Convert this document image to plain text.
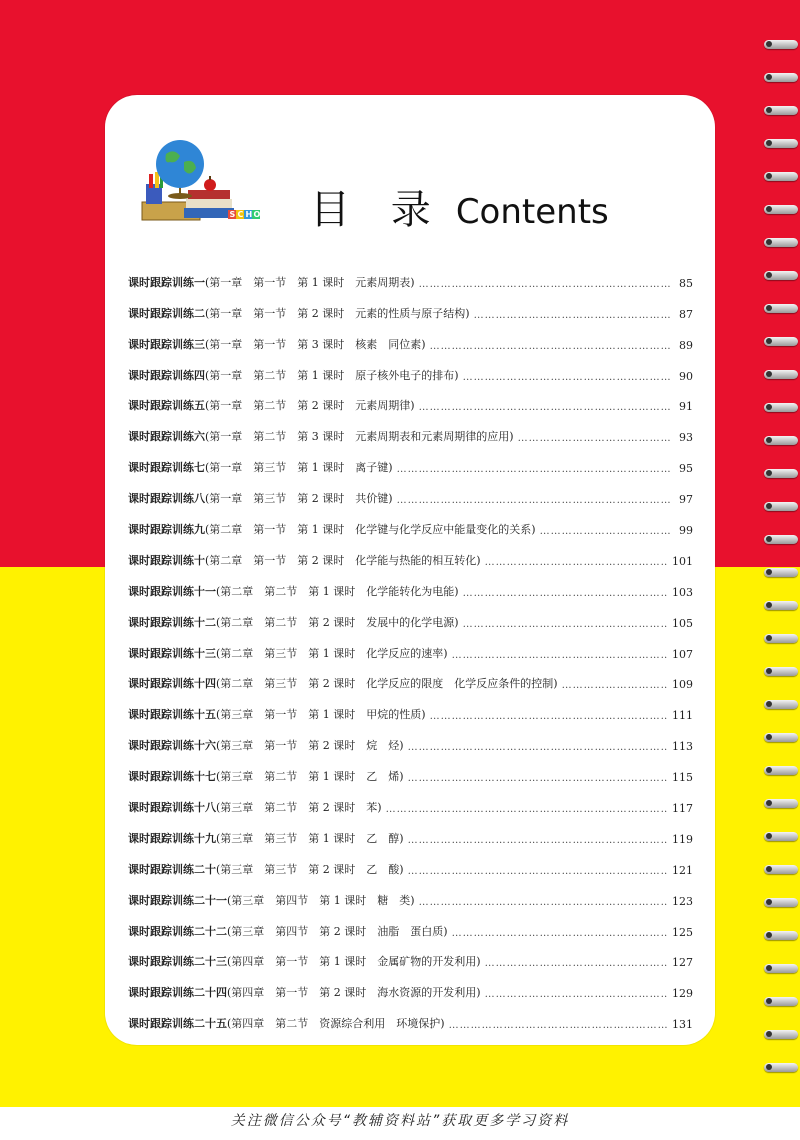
S C H O 目 录 Contents
课时跟踪训练一 (第一章　第一节　第 1 课时　元素周期表) …………………………………………………………………………………………………………………………………………………………	85
课时跟踪训练二 (第一章　第一节　第 2 课时　元素的性质与原子结构) …………………………………………………………………………………………………………………………………………………………	87
课时跟踪训练三 (第一章　第一节　第 3 课时　核素　同位素) …………………………………………………………………………………………………………………………………………………………	89
课时跟踪训练四 (第一章　第二节　第 1 课时　原子核外电子的排布) …………………………………………………………………………………………………………………………………………………………	90
课时跟踪训练五 (第一章　第二节　第 2 课时　元素周期律) …………………………………………………………………………………………………………………………………………………………	91
课时跟踪训练六 (第一章　第二节　第 3 课时　元素周期表和元素周期律的应用) …………………………………………………………………………………………………………………………………………………………	93
课时跟踪训练七 (第一章　第三节　第 1 课时　离子键) …………………………………………………………………………………………………………………………………………………………	95
课时跟踪训练八 (第一章　第三节　第 2 课时　共价键) …………………………………………………………………………………………………………………………………………………………	97
课时跟踪训练九 (第二章　第一节　第 1 课时　化学键与化学反应中能量变化的关系) …………………………………………………………………………………………………………………………………………………………	99
课时跟踪训练十 (第二章　第一节　第 2 课时　化学能与热能的相互转化) …………………………………………………………………………………………………………………………………………………………	101
课时跟踪训练十一 (第二章　第二节　第 1 课时　化学能转化为电能) …………………………………………………………………………………………………………………………………………………………	103
课时跟踪训练十二 (第二章　第二节　第 2 课时　发展中的化学电源) …………………………………………………………………………………………………………………………………………………………	105
课时跟踪训练十三 (第二章　第三节　第 1 课时　化学反应的速率) …………………………………………………………………………………………………………………………………………………………	107
课时跟踪训练十四 (第二章　第三节　第 2 课时　化学反应的限度　化学反应条件的控制) …………………………………………………………………………………………………………………………………………………………	109
课时跟踪训练十五 (第三章　第一节　第 1 课时　甲烷的性质) …………………………………………………………………………………………………………………………………………………………	111
课时跟踪训练十六 (第三章　第一节　第 2 课时　烷　烃) …………………………………………………………………………………………………………………………………………………………	113
课时跟踪训练十七 (第三章　第二节　第 1 课时　乙　烯) …………………………………………………………………………………………………………………………………………………………	115
课时跟踪训练十八 (第三章　第二节　第 2 课时　苯) …………………………………………………………………………………………………………………………………………………………	117
课时跟踪训练十九 (第三章　第三节　第 1 课时　乙　醇) …………………………………………………………………………………………………………………………………………………………	119
课时跟踪训练二十 (第三章　第三节　第 2 课时　乙　酸) …………………………………………………………………………………………………………………………………………………………	121
课时跟踪训练二十一 (第三章　第四节　第 1 课时　糖　类) …………………………………………………………………………………………………………………………………………………………	123
课时跟踪训练二十二 (第三章　第四节　第 2 课时　油脂　蛋白质) …………………………………………………………………………………………………………………………………………………………	125
课时跟踪训练二十三 (第四章　第一节　第 1 课时　金属矿物的开发利用) …………………………………………………………………………………………………………………………………………………………	127
课时跟踪训练二十四 (第四章　第一节　第 2 课时　海水资源的开发利用) …………………………………………………………………………………………………………………………………………………………	129
课时跟踪训练二十五 (第四章　第二节　资源综合利用　环境保护) …………………………………………………………………………………………………………………………………………………………	131
关注微信公众号“教辅资料站”获取更多学习资料
